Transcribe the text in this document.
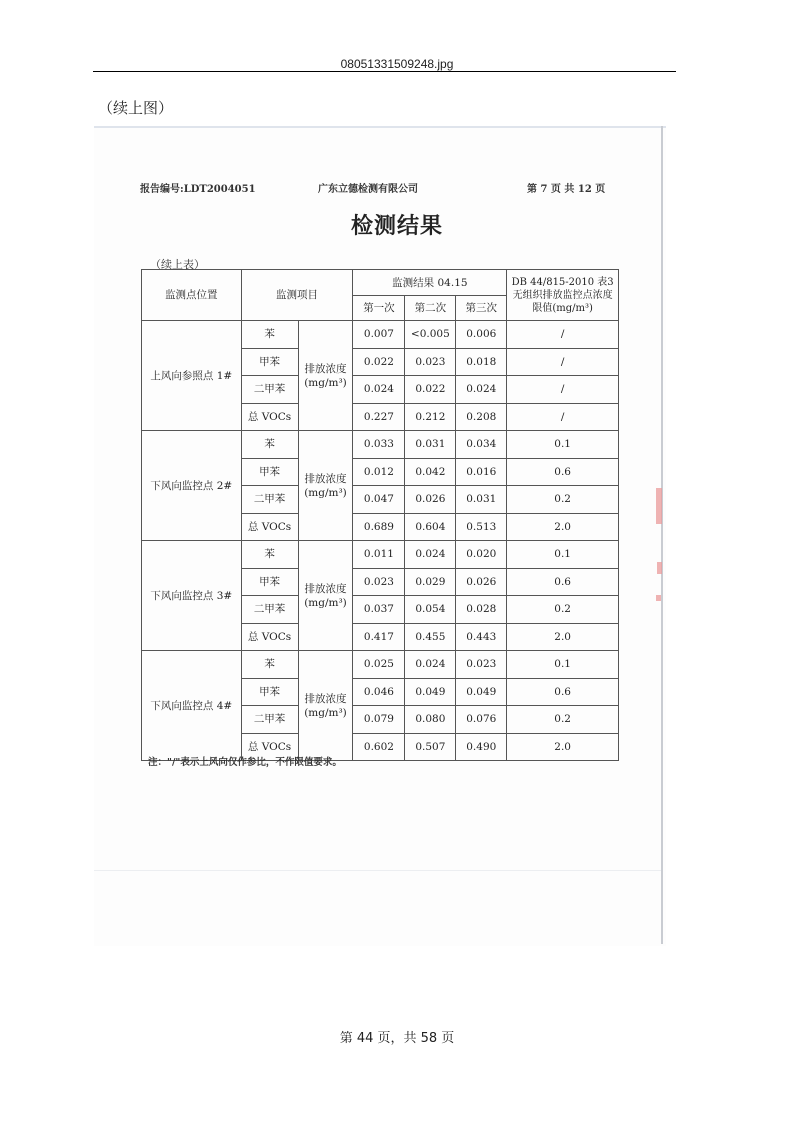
08051331509248.jpg
（续上图）
报告编号:LDT2004051	广东立德检测有限公司	第 7 页 共 12 页
检测结果
（续上表）
监测点位置	监测项目		监测结果 04.15			DB 44/815-2010 表3无组织排放监控点浓度限值(mg/m³)
			第一次	第二次	第三次	
上风向参照点 1#	苯	排放浓度 (mg/m³)	0.007	<0.005	0.006	/
	甲苯		0.022	0.023	0.018	/
	二甲苯		0.024	0.022	0.024	/
	总 VOCs		0.227	0.212	0.208	/
下风向监控点 2#	苯	排放浓度 (mg/m³)	0.033	0.031	0.034	0.1
	甲苯		0.012	0.042	0.016	0.6
	二甲苯		0.047	0.026	0.031	0.2
	总 VOCs		0.689	0.604	0.513	2.0
下风向监控点 3#	苯	排放浓度 (mg/m³)	0.011	0.024	0.020	0.1
	甲苯		0.023	0.029	0.026	0.6
	二甲苯		0.037	0.054	0.028	0.2
	总 VOCs		0.417	0.455	0.443	2.0
下风向监控点 4#	苯	排放浓度 (mg/m³)	0.025	0.024	0.023	0.1
	甲苯		0.046	0.049	0.049	0.6
	二甲苯		0.079	0.080	0.076	0.2
	总 VOCs		0.602	0.507	0.490	2.0
注："/"表示上风向仅作参比，不作限值要求。
第 44 页，共 58 页
